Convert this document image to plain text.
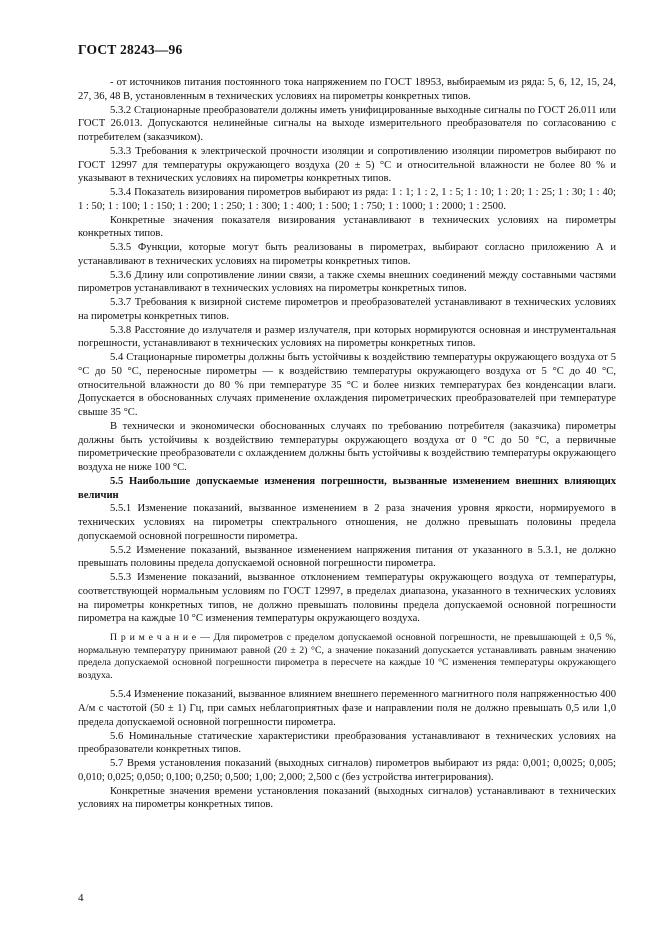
ГОСТ 28243—96

- от источников питания постоянного тока напряжением по ГОСТ 18953, выбираемым из ряда: 5, 6, 12, 15, 24, 27, 36, 48 В, установленным в технических условиях на пирометры конкретных типов.

5.3.2 Стационарные преобразователи должны иметь унифицированные выходные сигналы по ГОСТ 26.011 или ГОСТ 26.013. Допускаются нелинейные сигналы на выходе измерительного преобразователя по согласованию с потребителем (заказчиком).

5.3.3 Требования к электрической прочности изоляции и сопротивлению изоляции пирометров выбирают по ГОСТ 12997 для температуры окружающего воздуха (20 ± 5) °С и относительной влажности не более 80 % и указывают в технических условиях на пирометры конкретных типов.

5.3.4 Показатель визирования пирометров выбирают из ряда: 1 : 1; 1 : 2, 1 : 5; 1 : 10; 1 : 20; 1 : 25; 1 : 30; 1 : 40; 1 : 50; 1 : 100; 1 : 150; 1 : 200; 1 : 250; 1 : 300; 1 : 400; 1 : 500; 1 : 750; 1 : 1000; 1 : 2000; 1 : 2500.

Конкретные значения показателя визирования устанавливают в технических условиях на пирометры конкретных типов.

5.3.5 Функции, которые могут быть реализованы в пирометрах, выбирают согласно приложению А и устанавливают в технических условиях на пирометры конкретных типов.

5.3.6 Длину или сопротивление линии связи, а также схемы внешних соединений между составными частями пирометров устанавливают в технических условиях на пирометры конкретных типов.

5.3.7 Требования к визирной системе пирометров и преобразователей устанавливают в технических условиях на пирометры конкретных типов.

5.3.8 Расстояние до излучателя и размер излучателя, при которых нормируются основная и инструментальная погрешности, устанавливают в технических условиях на пирометры конкретных типов.

5.4 Стационарные пирометры должны быть устойчивы к воздействию температуры окружающего воздуха от 5 °С до 50 °С, переносные пирометры — к воздействию температуры окружающего воздуха от 5 °С до 40 °С, относительной влажности до 80 % при температуре 35 °С и более низких температурах без конденсации влаги. Допускается в обоснованных случаях применение охлаждения пирометрических преобразователей при температуре свыше 35 °С.

В технически и экономически обоснованных случаях по требованию потребителя (заказчика) пирометры должны быть устойчивы к воздействию температуры окружающего воздуха от 0 °С до 50 °С, а первичные пирометрические преобразователи с охлаждением должны быть устойчивы к воздействию температуры окружающего воздуха не ниже 100 °С.

5.5 Наибольшие допускаемые изменения погрешности, вызванные изменением внешних влияющих величин

5.5.1 Изменение показаний, вызванное изменением в 2 раза значения уровня яркости, нормируемого в технических условиях на пирометры спектрального отношения, не должно превышать половины предела допускаемой основной погрешности пирометра.

5.5.2 Изменение показаний, вызванное изменением напряжения питания от указанного в 5.3.1, не должно превышать половины предела допускаемой основной погрешности пирометра.

5.5.3 Изменение показаний, вызванное отклонением температуры окружающего воздуха от температуры, соответствующей нормальным условиям по ГОСТ 12997, в пределах диапазона, указанного в технических условиях на пирометры конкретных типов, не должно превышать половины предела допускаемой основной погрешности пирометра на каждые 10 °С изменения температуры окружающего воздуха.

П р и м е ч а н и е — Для пирометров с пределом допускаемой основной погрешности, не превышающей ± 0,5 %, нормальную температуру принимают равной (20 ± 2) °С, а значение показаний допускается устанавливать равным значению предела допускаемой основной погрешности пирометра в пересчете на каждые 10 °С изменения температуры окружающего воздуха.

5.5.4 Изменение показаний, вызванное влиянием внешнего переменного магнитного поля напряженностью 400 А/м с частотой (50 ± 1) Гц, при самых неблагоприятных фазе и направлении поля не должно превышать 0,5 или 1,0 предела допускаемой основной погрешности пирометра.

5.6 Номинальные статические характеристики преобразования устанавливают в технических условиях на преобразователи конкретных типов.

5.7 Время установления показаний (выходных сигналов) пирометров выбирают из ряда: 0,001; 0,0025; 0,005; 0,010; 0,025; 0,050; 0,100; 0,250; 0,500; 1,00; 2,000; 2,500 с (без устройства интегрирования).

Конкретные значения времени установления показаний (выходных сигналов) устанавливают в технических условиях на пирометры конкретных типов.

4
